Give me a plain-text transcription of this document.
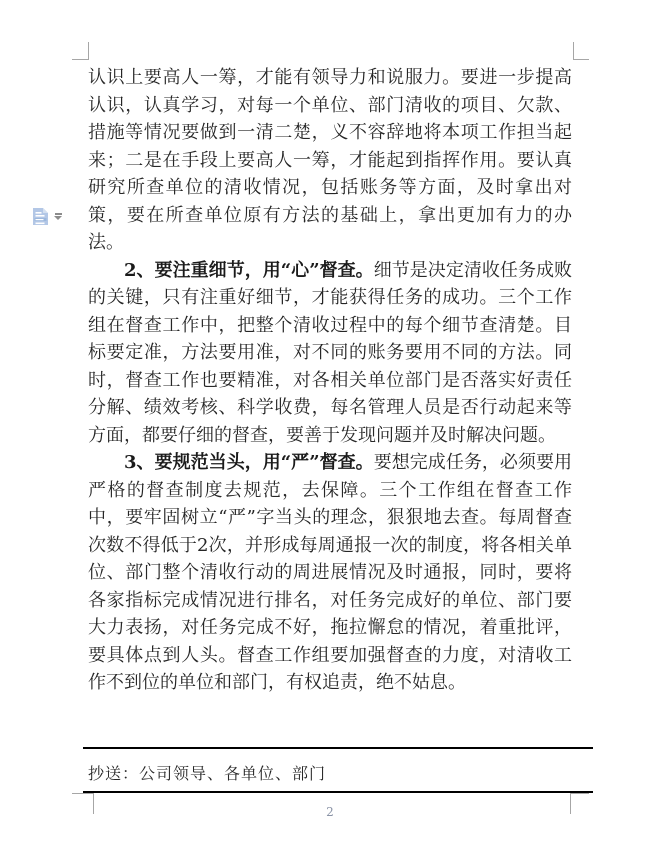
认识上要高人一筹，才能有领导力和说服力。要进一步提高认识，认真学习，对每一个单位、部门清收的项目、欠款、措施等情况要做到一清二楚，义不容辞地将本项工作担当起来；二是在手段上要高人一筹，才能起到指挥作用。要认真研究所查单位的清收情况，包括账务等方面，及时拿出对策，要在所查单位原有方法的基础上，拿出更加有力的办法。

2、要注重细节，用“心”督查。细节是决定清收任务成败的关键，只有注重好细节，才能获得任务的成功。三个工作组在督查工作中，把整个清收过程中的每个细节查清楚。目标要定准，方法要用准，对不同的账务要用不同的方法。同时，督查工作也要精准，对各相关单位部门是否落实好责任分解、绩效考核、科学收费，每名管理人员是否行动起来等方面，都要仔细的督查，要善于发现问题并及时解决问题。

3、要规范当头，用“严”督查。要想完成任务，必须要用严格的督查制度去规范，去保障。三个工作组在督查工作中，要牢固树立“严”字当头的理念，狠狠地去查。每周督查次数不得低于2次，并形成每周通报一次的制度，将各相关单位、部门整个清收行动的周进展情况及时通报，同时，要将各家指标完成情况进行排名，对任务完成好的单位、部门要大力表扬，对任务完成不好，拖拉懈怠的情况，着重批评，要具体点到人头。督查工作组要加强督查的力度，对清收工作不到位的单位和部门，有权追责，绝不姑息。

抄送：公司领导、各单位、部门
2
